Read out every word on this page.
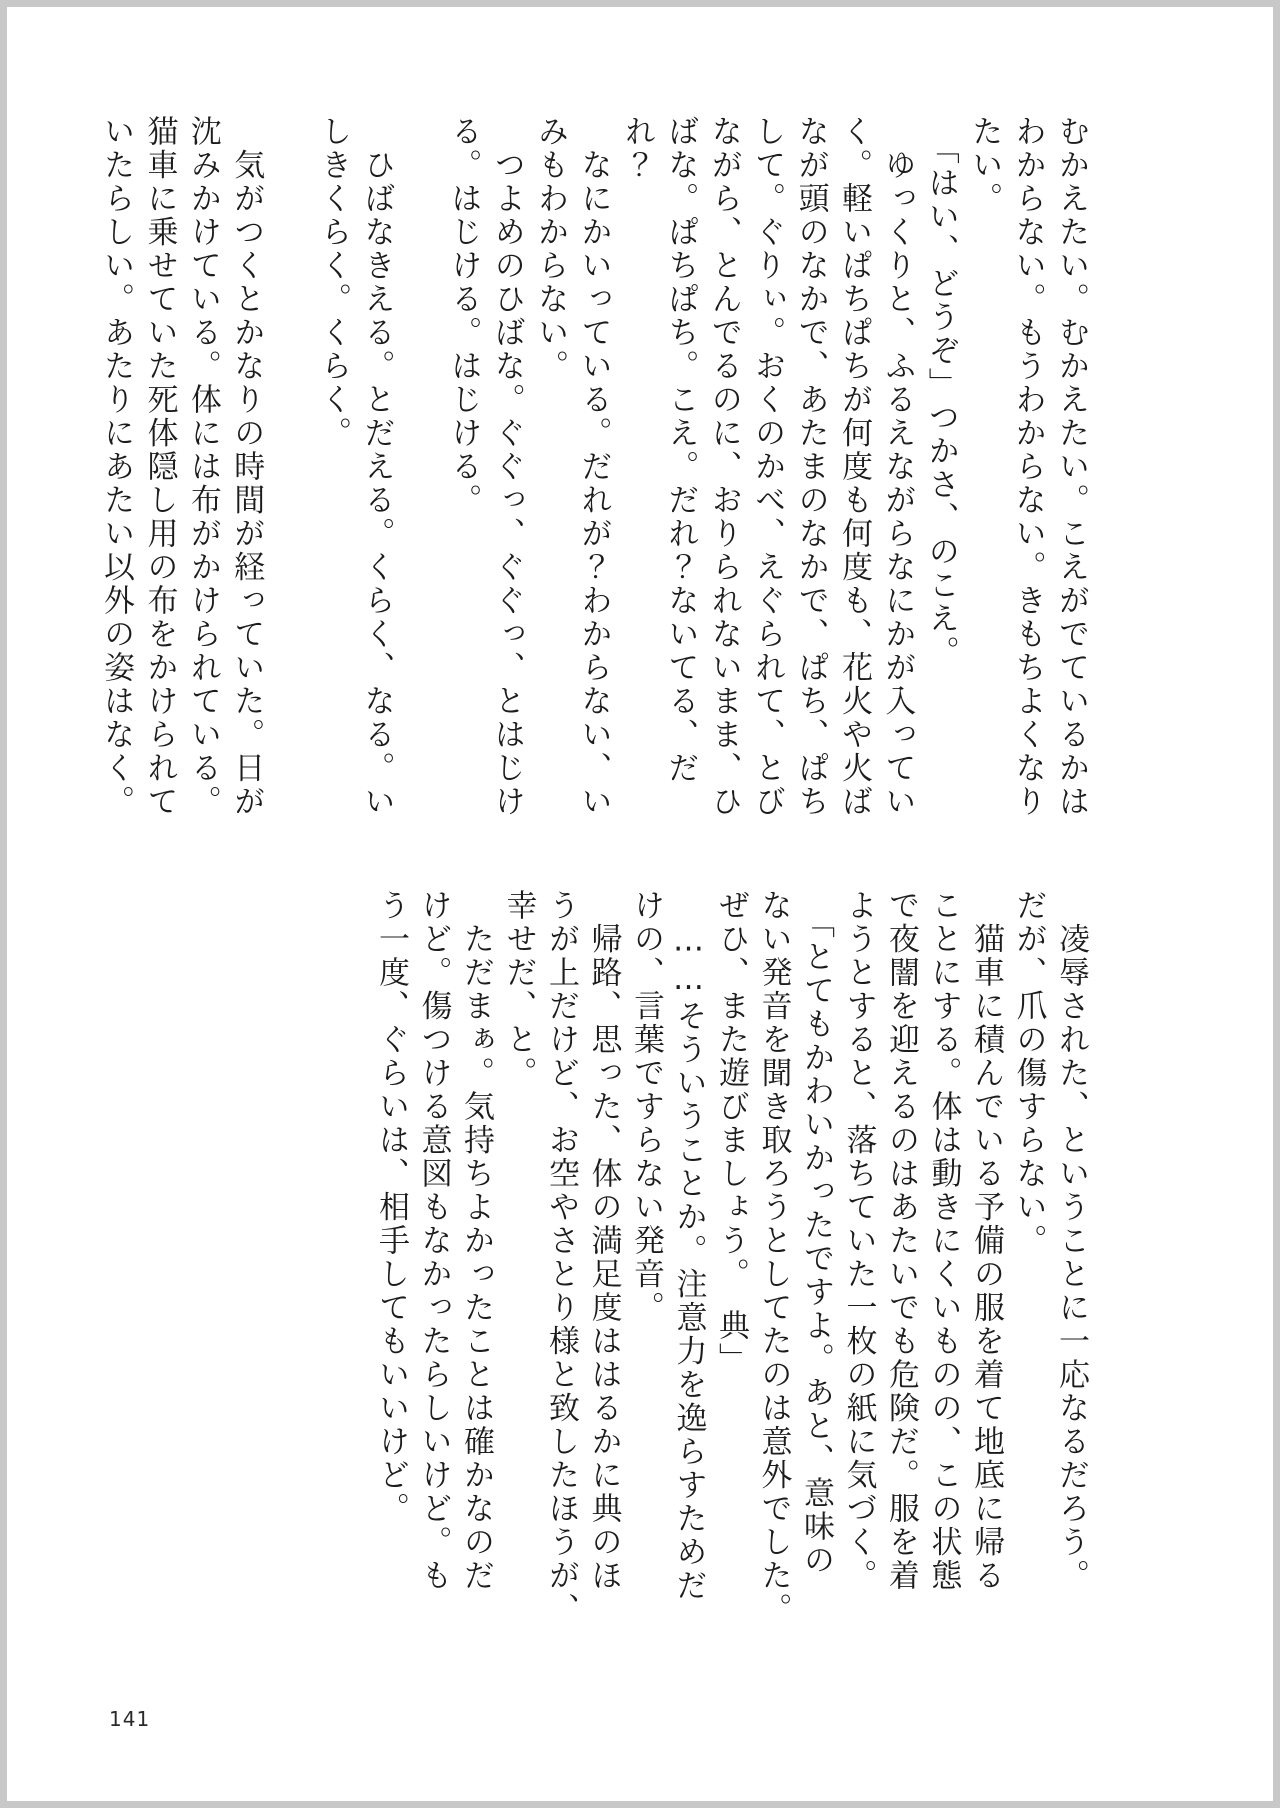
むかえたい。むかえたい。こえがでているかは

わからない。もうわからない。きもちよくなり

たい。

　「はい、どうぞ」つかさ、のこえ。

　ゆっくりと、ふるえながらなにかが入ってい

く。軽いぱちぱちが何度も何度も、花火や火ば

なが頭のなかで、あたまのなかで、ぱち、ぱち

して。ぐりぃ。おくのかべ、えぐられて、とび

ながら、とんでるのに、おりられないまま、ひ

ばな。ぱちぱち。こえ。だれ？ないてる、だ

れ？

　なにかいっている。だれが？わからない、い

みもわからない。

　つよめのひばな。ぐぐっ、ぐぐっ、とはじけ

る。はじける。はじける。

　ひばなきえる。とだえる。くらく、なる。い

しきくらく。くらく。

　気がつくとかなりの時間が経っていた。日が

沈みかけている。体には布がかけられている。

猫車に乗せていた死体隠し用の布をかけられて

いたらしい。あたりにあたい以外の姿はなく。

　凌辱された、ということに一応なるだろう。

だが、爪の傷すらない。

　猫車に積んでいる予備の服を着て地底に帰る

ことにする。体は動きにくいものの、この状態

で夜闇を迎えるのはあたいでも危険だ。服を着

ようとすると、落ちていた一枚の紙に気づく。

　「とてもかわいかったですよ。あと、意味の

ない発音を聞き取ろうとしてたのは意外でした。

ぜひ、また遊びましょう。　典」

　……そういうことか。注意力を逸らすためだ

けの、言葉ですらない発音。

　帰路、思った、体の満足度ははるかに典のほ

うが上だけど、お空やさとり様と致したほうが、

幸せだ、と。

　ただまぁ。気持ちよかったことは確かなのだ

けど。傷つける意図もなかったらしいけど。も

う一度、ぐらいは、相手してもいいけど。

141
